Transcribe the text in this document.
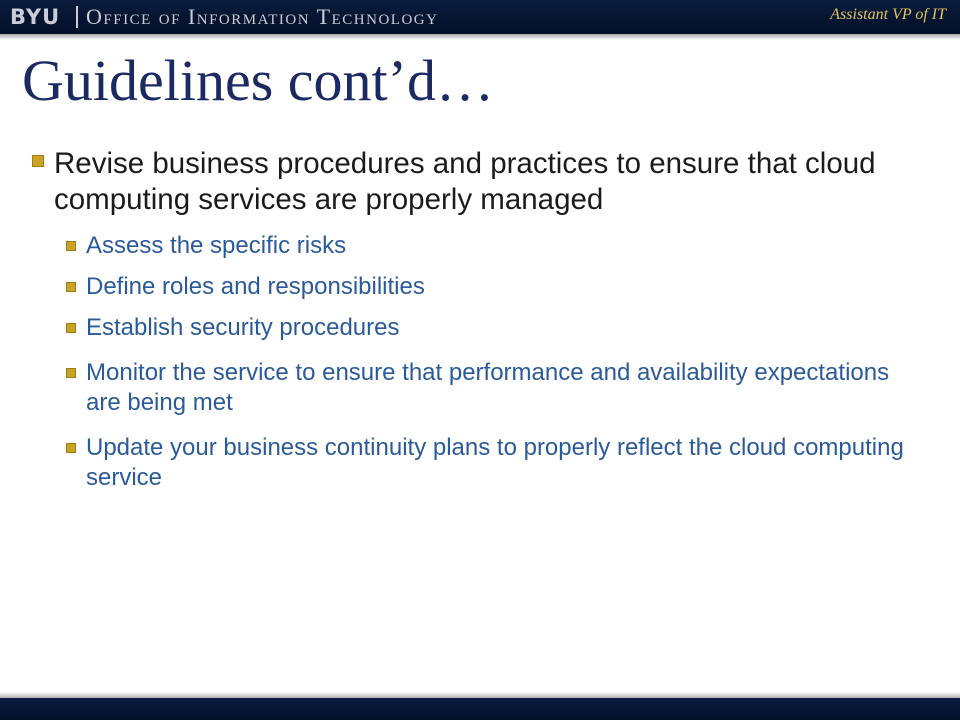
BYU Office of Information Technology	Assistant VP of IT
Guidelines cont’d…
Revise business procedures and practices to ensure that cloud computing services are properly managed
Assess the specific risks
Define roles and responsibilities
Establish security procedures
Monitor the service to ensure that performance and availability expectations are being met
Update your business continuity plans to properly reflect the cloud computing service
